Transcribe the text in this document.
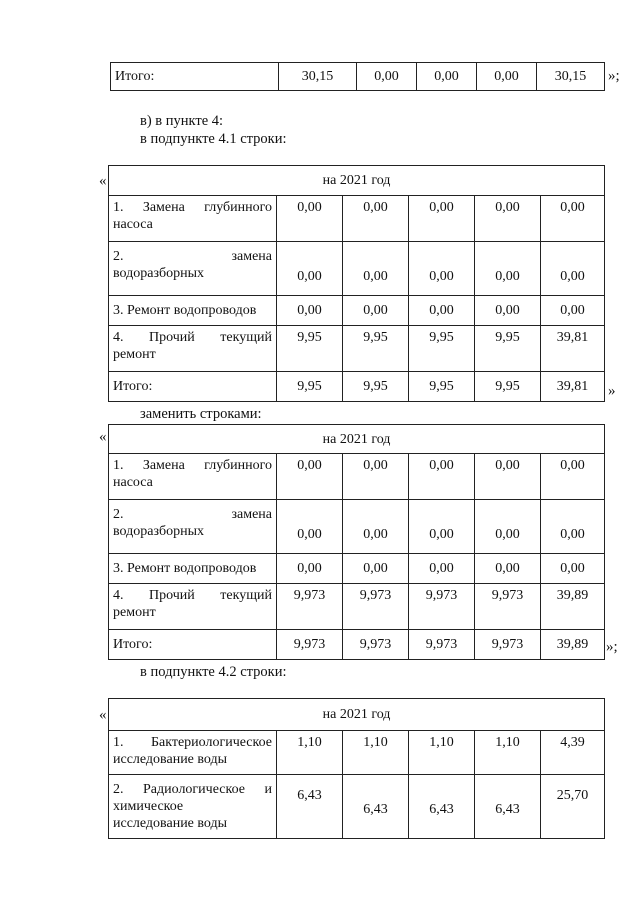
Итого:	30,15	0,00	0,00	0,00	30,15 »;
в) в пункте 4:
в подпункте 4.1 строки:
«	на 2021 год					

1. Замена глубинного
насоса	0,00	0,00	0,00	0,00	0,00

2. замена
водоразборных	0,00	0,00	0,00	0,00	0,00
3. Ремонт водопроводов	0,00	0,00	0,00	0,00	0,00

4. Прочий текущий
ремонт	9,95	9,95	9,95	9,95	39,81
Итого:	9,95	9,95	9,95	9,95	39,81 »
заменить строками:
«	на 2021 год					

1. Замена глубинного
насоса	0,00	0,00	0,00	0,00	0,00

2. замена
водоразборных	0,00	0,00	0,00	0,00	0,00
3. Ремонт водопроводов	0,00	0,00	0,00	0,00	0,00

4. Прочий текущий
ремонт	9,973	9,973	9,973	9,973	39,89
Итого:	9,973	9,973	9,973	9,973	39,89 »;
в подпункте 4.2 строки:
«	на 2021 год					

1. Бактериологическое
исследование воды	1,10	1,10	1,10	1,10	4,39

2. Радиологическое и
химическое
исследование воды	6,43	6,43	6,43	6,43	25,70
